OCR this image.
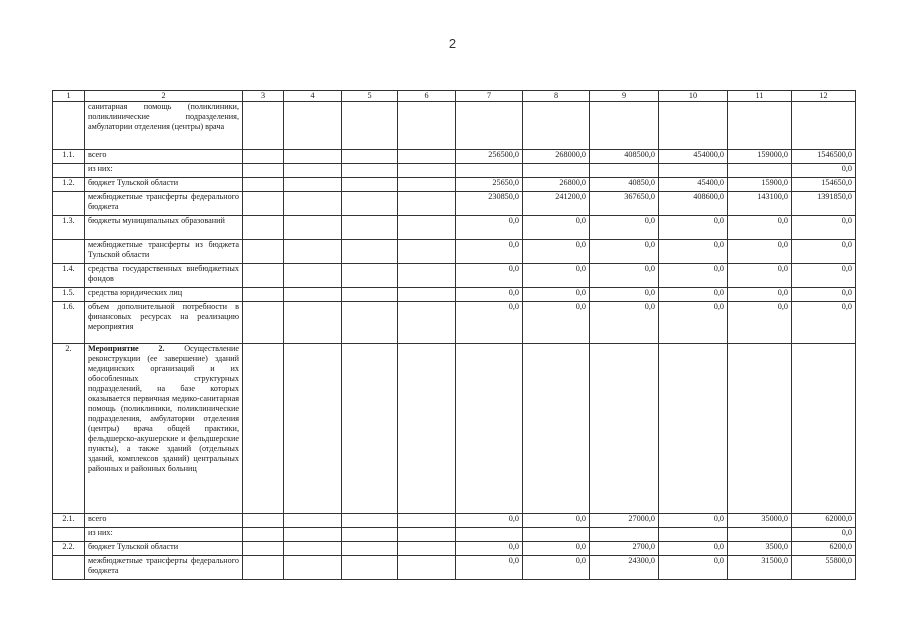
2
1	2	3	4	5	6	7	8	9	10	11	12
	санитарная помощь (поликлиники, поликлинические подразделения, амбулатории отделения (центры) врача										
1.1.	всего					256500,0	268000,0	408500,0	454000,0	159000,0	1546500,0
	из них:										0,0
1.2.	бюджет Тульской области					25650,0	26800,0	40850,0	45400,0	15900,0	154650,0
	межбюджетные трансферты федерального бюджета					230850,0	241200,0	367650,0	408600,0	143100,0	1391850,0
1.3.	бюджеты муниципальных образований					0,0	0,0	0,0	0,0	0,0	0,0
	межбюджетные трансферты из бюджета Тульской области					0,0	0,0	0,0	0,0	0,0	0,0
1.4.	средства государственных внебюджетных фондов					0,0	0,0	0,0	0,0	0,0	0,0
1.5.	средства юридических лиц					0,0	0,0	0,0	0,0	0,0	0,0
1.6.	объем дополнительной потребности в финансовых ресурсах на реализацию мероприятия					0,0	0,0	0,0	0,0	0,0	0,0
2.	Мероприятие 2. Осуществление реконструкции (ее завершение) зданий медицинских организаций и их обособленных структурных подразделений, на базе которых оказывается первичная медико-санитарная помощь (поликлиники, поликлинические подразделения, амбулатории отделения (центры) врача общей практики, фельдшерско-акушерские и фельдшерские пункты), а также зданий (отдельных зданий, комплексов зданий) центральных районных и районных больниц										
2.1.	всего					0,0	0,0	27000,0	0,0	35000,0	62000,0
	из них:										0,0
2.2.	бюджет Тульской области					0,0	0,0	2700,0	0,0	3500,0	6200,0
	межбюджетные трансферты федерального бюджета					0,0	0,0	24300,0	0,0	31500,0	55800,0
